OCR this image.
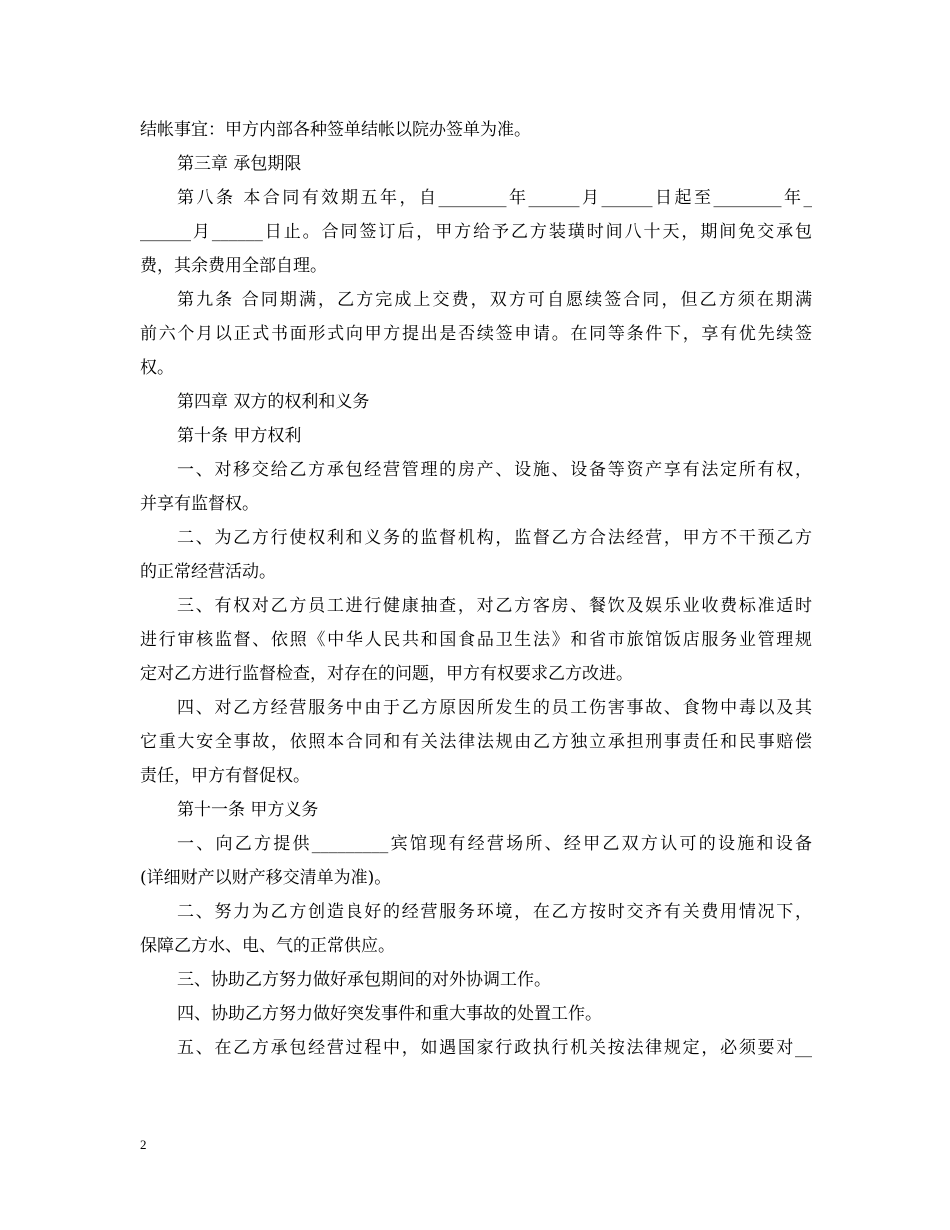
结帐事宜：甲方内部各种签单结帐以院办签单为准。
第三章 承包期限
第八条 本合同有效期五年，自________年______月______日起至________年_
______月______日止。合同签订后，甲方给予乙方装璜时间八十天，期间免交承包
费，其余费用全部自理。
第九条 合同期满，乙方完成上交费，双方可自愿续签合同，但乙方须在期满
前六个月以正式书面形式向甲方提出是否续签申请。在同等条件下，享有优先续签
权。
第四章 双方的权利和义务
第十条 甲方权利
一、对移交给乙方承包经营管理的房产、设施、设备等资产享有法定所有权，
并享有监督权。
二、为乙方行使权利和义务的监督机构，监督乙方合法经营，甲方不干预乙方
的正常经营活动。
三、有权对乙方员工进行健康抽查，对乙方客房、餐饮及娱乐业收费标准适时
进行审核监督、依照《中华人民共和国食品卫生法》和省市旅馆饭店服务业管理规
定对乙方进行监督检查，对存在的问题，甲方有权要求乙方改进。
四、对乙方经营服务中由于乙方原因所发生的员工伤害事故、食物中毒以及其
它重大安全事故，依照本合同和有关法律法规由乙方独立承担刑事责任和民事赔偿
责任，甲方有督促权。
第十一条 甲方义务
一、向乙方提供_________宾馆现有经营场所、经甲乙双方认可的设施和设备
(详细财产以财产移交清单为准)。
二、努力为乙方创造良好的经营服务环境，在乙方按时交齐有关费用情况下，
保障乙方水、电、气的正常供应。
三、协助乙方努力做好承包期间的对外协调工作。
四、协助乙方努力做好突发事件和重大事故的处置工作。
五、在乙方承包经营过程中，如遇国家行政执行机关按法律规定，必须要对__
2
